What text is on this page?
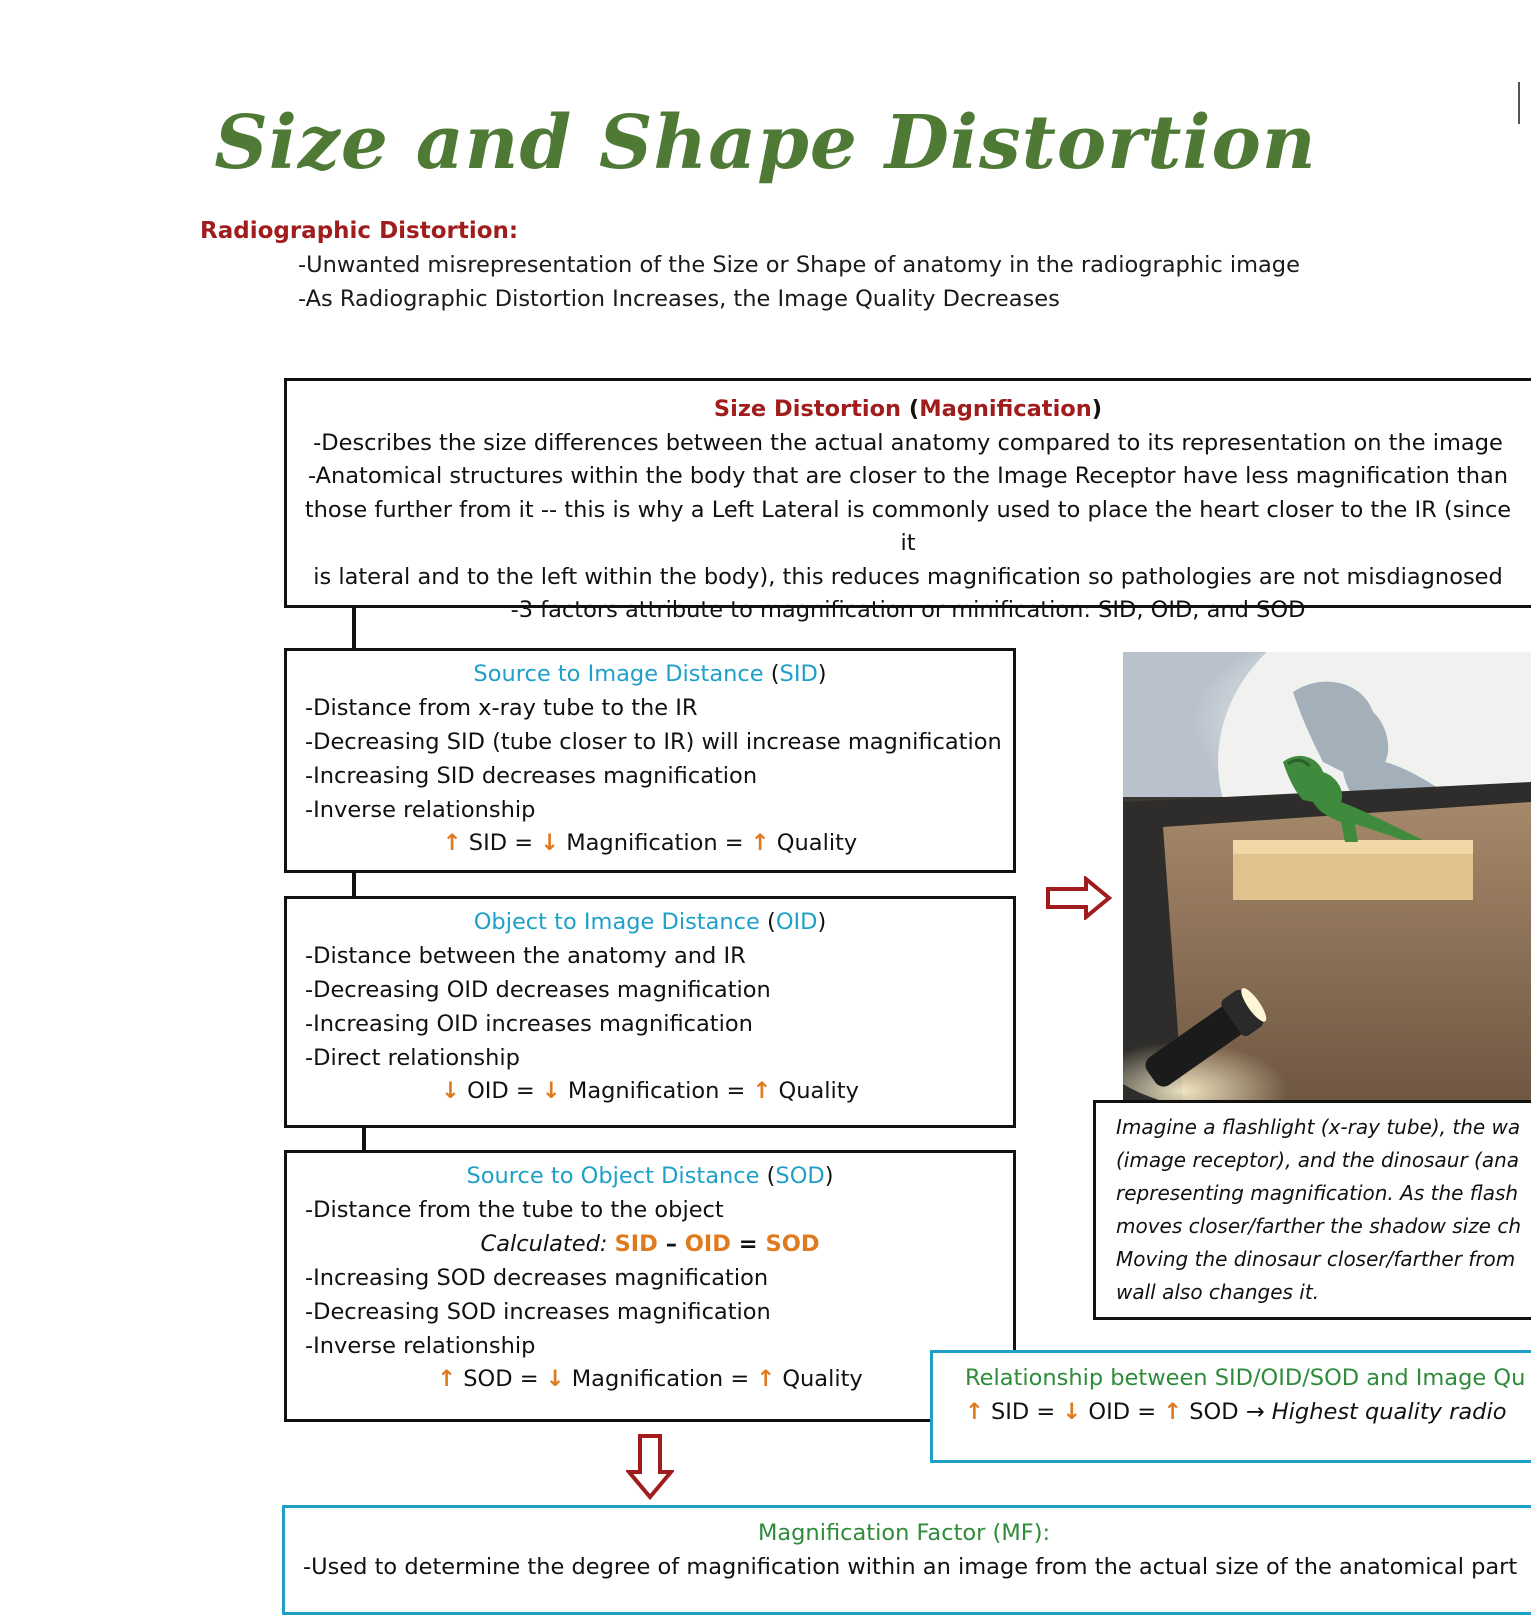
Size and Shape Distortion
Radiographic Distortion:
-Unwanted misrepresentation of the Size or Shape of anatomy in the radiographic image
-As Radiographic Distortion Increases, the Image Quality Decreases
Size Distortion (Magnification)
-Describes the size differences between the actual anatomy compared to its representation on the image
-Anatomical structures within the body that are closer to the Image Receptor have less magnification than
those further from it -- this is why a Left Lateral is commonly used to place the heart closer to the IR (since it
is lateral and to the left within the body), this reduces magnification so pathologies are not misdiagnosed
-3 factors attribute to magnification or minification: SID, OID, and SOD
Source to Image Distance (SID)
-Distance from x-ray tube to the IR
-Decreasing SID (tube closer to IR) will increase magnification
-Increasing SID decreases magnification
-Inverse relationship
↑ SID = ↓ Magnification = ↑ Quality
Object to Image Distance (OID)
-Distance between the anatomy and IR
-Decreasing OID decreases magnification
-Increasing OID increases magnification
-Direct relationship
↓ OID = ↓ Magnification = ↑ Quality
Source to Object Distance (SOD)
-Distance from the tube to the object
Calculated: SID – OID = SOD
-Increasing SOD decreases magnification
-Decreasing SOD increases magnification
-Inverse relationship
↑ SOD = ↓ Magnification = ↑ Quality
Imagine a flashlight (x-ray tube), the wa
(image receptor), and the dinosaur (ana
representing magnification. As the flash
moves closer/farther the shadow size ch
Moving the dinosaur closer/farther from
wall also changes it.
Relationship between SID/OID/SOD and Image Qu
↑ SID = ↓ OID = ↑ SOD → Highest quality radio
Magnification Factor (MF):
-Used to determine the degree of magnification within an image from the actual size of the anatomical part
